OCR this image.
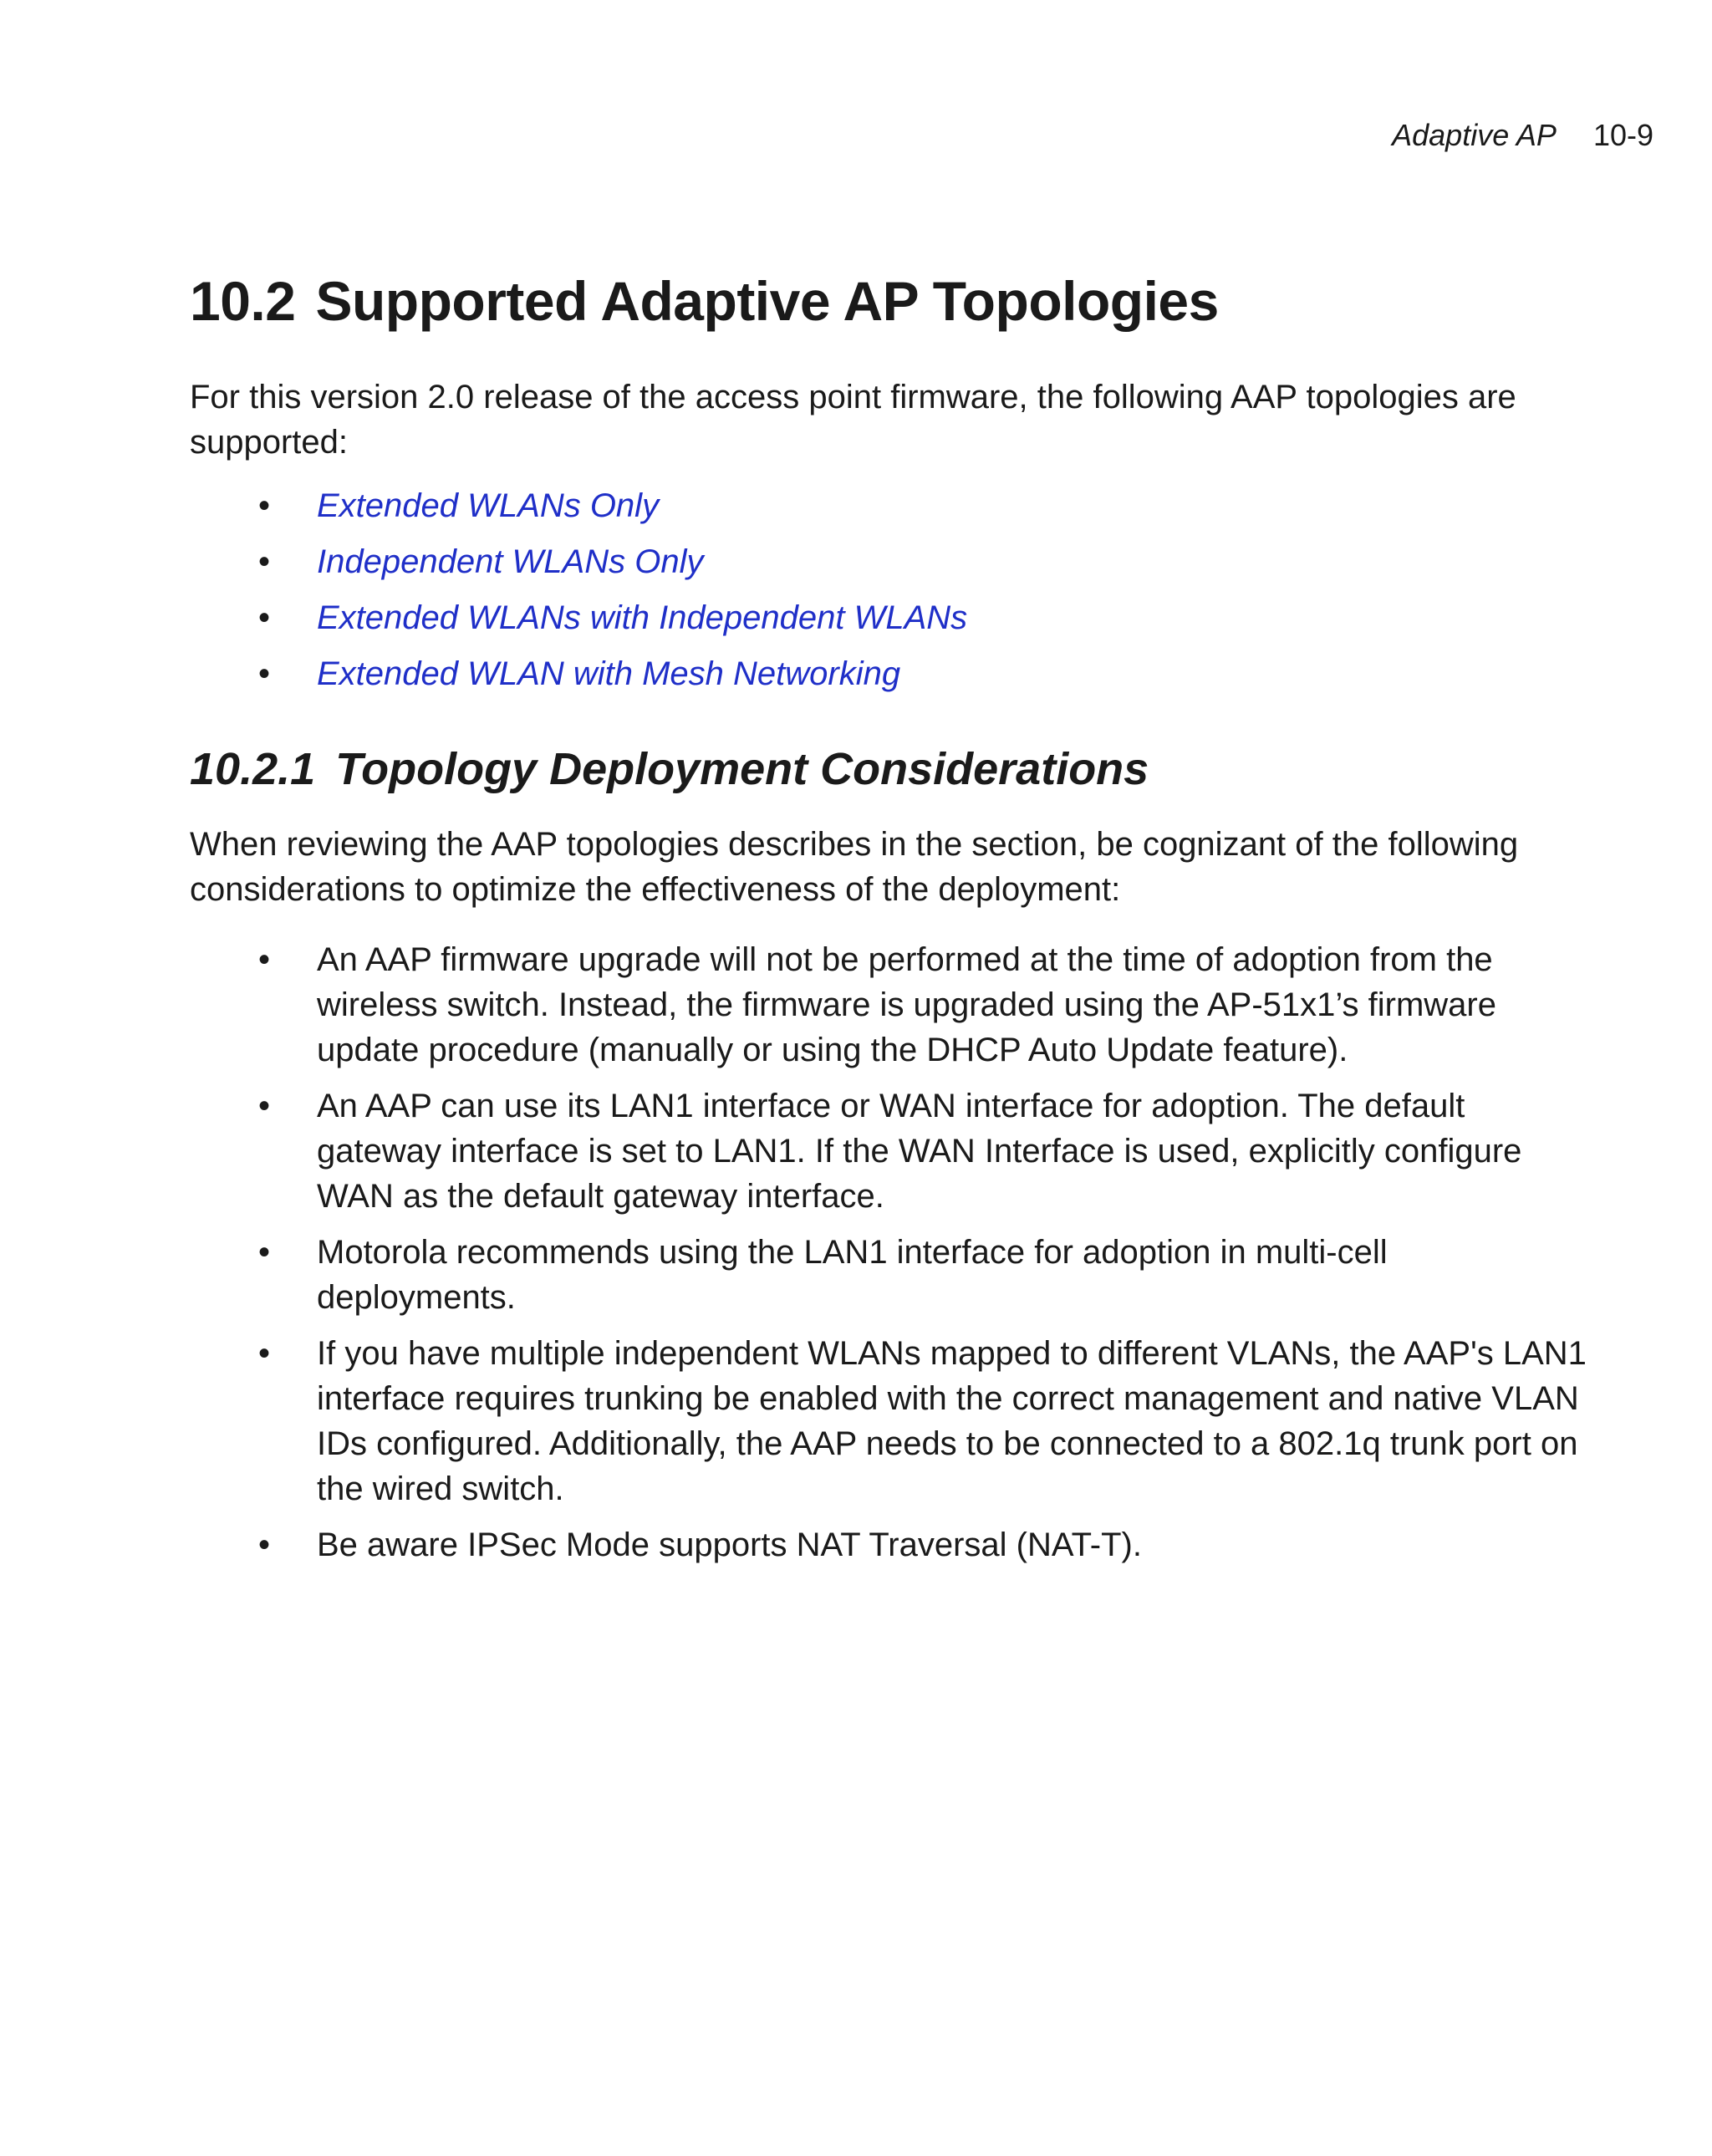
Adaptive AP 10-9
10.2 Supported Adaptive AP Topologies

For this version 2.0 release of the access point firmware, the following AAP topologies are supported:

• Extended WLANs Only
• Independent WLANs Only
• Extended WLANs with Independent WLANs
• Extended WLAN with Mesh Networking
10.2.1 Topology Deployment Considerations

When reviewing the AAP topologies describes in the section, be cognizant of the following considerations to optimize the effectiveness of the deployment:

• An AAP firmware upgrade will not be performed at the time of adoption from the wireless switch. Instead, the firmware is upgraded using the AP-51x1’s firmware update procedure (manually or using the DHCP Auto Update feature).
• An AAP can use its LAN1 interface or WAN interface for adoption. The default gateway interface is set to LAN1. If the WAN Interface is used, explicitly configure WAN as the default gateway interface.
• Motorola recommends using the LAN1 interface for adoption in multi-cell deployments.
• If you have multiple independent WLANs mapped to different VLANs, the AAP's LAN1 interface requires trunking be enabled with the correct management and native VLAN IDs configured. Additionally, the AAP needs to be connected to a 802.1q trunk port on the wired switch.
• Be aware IPSec Mode supports NAT Traversal (NAT-T).
